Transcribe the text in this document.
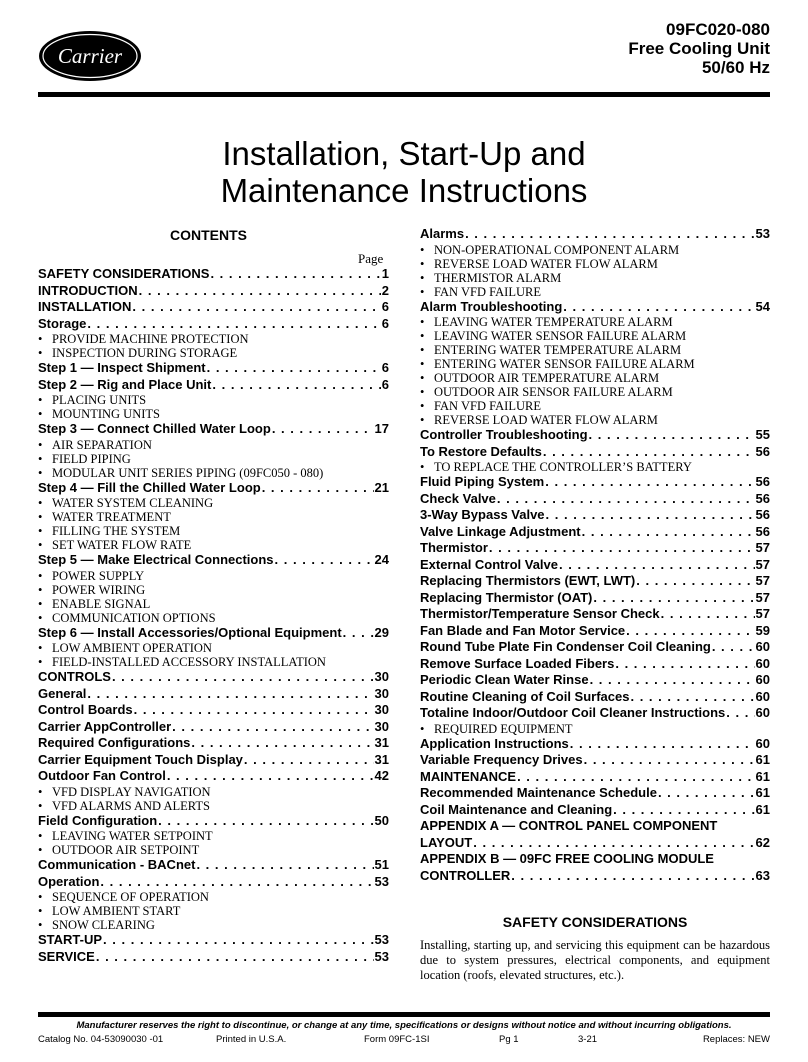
Carrier
09FC020-080
Free Cooling Unit
50/60 Hz
Installation, Start-Up and
Maintenance Instructions
CONTENTS
Page
SAFETY CONSIDERATIONS . . .	1
INTRODUCTION . . .	2
INSTALLATION . . .	6
Storage . . .	6
• PROVIDE MACHINE PROTECTION
• INSPECTION DURING STORAGE
Step 1 — Inspect Shipment . . .	6
Step 2 — Rig and Place Unit . . .	6
• PLACING UNITS
• MOUNTING UNITS
Step 3 — Connect Chilled Water Loop . . .	17
• AIR SEPARATION
• FIELD PIPING
• MODULAR UNIT SERIES PIPING (09FC050 - 080)
Step 4 — Fill the Chilled Water Loop . . .	21
• WATER SYSTEM CLEANING
• WATER TREATMENT
• FILLING THE SYSTEM
• SET WATER FLOW RATE
Step 5 — Make Electrical Connections . . .	24
• POWER SUPPLY
• POWER WIRING
• ENABLE SIGNAL
• COMMUNICATION OPTIONS
Step 6 — Install Accessories/Optional Equipment . . .	29
• LOW AMBIENT OPERATION
• FIELD-INSTALLED ACCESSORY INSTALLATION
CONTROLS . . .	30
General . . .	30
Control Boards . . .	30
Carrier AppController . . .	30
Required Configurations . . .	31
Carrier Equipment Touch Display . . .	31
Outdoor Fan Control . . .	42
• VFD DISPLAY NAVIGATION
• VFD ALARMS AND ALERTS
Field Configuration . . .	50
• LEAVING WATER SETPOINT
• OUTDOOR AIR SETPOINT
Communication - BACnet . . .	51
Operation . . .	53
• SEQUENCE OF OPERATION
• LOW AMBIENT START
• SNOW CLEARING
START-UP . . .	53
SERVICE . . .	53
Alarms . . .	53
• NON-OPERATIONAL COMPONENT ALARM
• REVERSE LOAD WATER FLOW ALARM
• THERMISTOR ALARM
• FAN VFD FAILURE
Alarm Troubleshooting . . .	54
• LEAVING WATER TEMPERATURE ALARM
• LEAVING WATER SENSOR FAILURE ALARM
• ENTERING WATER TEMPERATURE ALARM
• ENTERING WATER SENSOR FAILURE ALARM
• OUTDOOR AIR TEMPERATURE ALARM
• OUTDOOR AIR SENSOR FAILURE ALARM
• FAN VFD FAILURE
• REVERSE LOAD WATER FLOW ALARM
Controller Troubleshooting . . .	55
To Restore Defaults . . .	56
• TO REPLACE THE CONTROLLER’S BATTERY
Fluid Piping System . . .	56
Check Valve . . .	56
3-Way Bypass Valve . . .	56
Valve Linkage Adjustment . . .	56
Thermistor . . .	57
External Control Valve . . .	57
Replacing Thermistors (EWT, LWT) . . .	57
Replacing Thermistor (OAT) . . .	57
Thermistor/Temperature Sensor Check . . .	57
Fan Blade and Fan Motor Service . . .	59
Round Tube Plate Fin Condenser Coil Cleaning . . .	60
Remove Surface Loaded Fibers . . .	60
Periodic Clean Water Rinse . . .	60
Routine Cleaning of Coil Surfaces . . .	60
Totaline Indoor/Outdoor Coil Cleaner Instructions . . . 60
• REQUIRED EQUIPMENT
Application Instructions . . .	60
Variable Frequency Drives . . .	61
MAINTENANCE . . .	61
Recommended Maintenance Schedule . . .	61
Coil Maintenance and Cleaning . . .	61
APPENDIX A — CONTROL PANEL COMPONENT
LAYOUT . . .	62
APPENDIX B — 09FC FREE COOLING MODULE
CONTROLLER . . .	63
SAFETY CONSIDERATIONS
Installing, starting up, and servicing this equipment can be hazardous due to system pressures, electrical components, and equipment location (roofs, elevated structures, etc.).
Manufacturer reserves the right to discontinue, or change at any time, specifications or designs without notice and without incurring obligations.
Catalog No. 04-53090030 -01	Printed in U.S.A.	Form 09FC-1SI	Pg 1	3-21	Replaces: NEW
